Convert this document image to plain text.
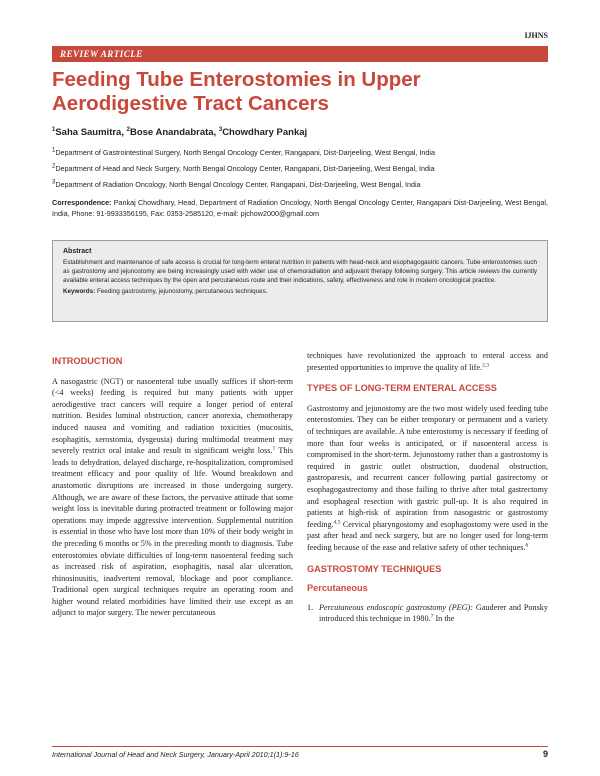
IJHNS
REVIEW ARTICLE
Feeding Tube Enterostomies in Upper Aerodigestive Tract Cancers
$^1$Saha Saumitra, $^2$Bose Anandabrata, $^3$Chowdhary Pankaj
$^1$Department of Gastrointestinal Surgery, North Bengal Oncology Center, Rangapani, Dist-Darjeeling, West Bengal, India
$^2$Department of Head and Neck Surgery, North Bengal Oncology Center, Rangapani, Dist-Darjeeling, West Bengal, India
$^3$Department of Radiation Oncology, North Bengal Oncology Center, Rangapani, Dist-Darjeeling, West Bengal, India
Correspondence: Pankaj Chowdhary, Head, Department of Radiation Oncology, North Bengal Oncology Center, Rangapani Dist-Darjeeling, West Bengal, India, Phone: 91-9933356195, Fax: 0353-2585120, e-mail: pjchow2000@gmail.com
Abstract
Establishment and maintenance of safe access is crucial for long-term enteral nutrition in patients with head-neck and esophagogastric cancers. Tube enterostomies such as gastrostomy and jejunostomy are being increasingly used with wider use of chemoradiation and adjuvant therapy following surgery. This article reviews the currently available enteral access techniques by the open and percutaneous route and their indications, safety, effectiveness and role in modern oncological practice.
Keywords: Feeding gastrostomy, jejunostomy, percutaneous techniques.
INTRODUCTION

A nasogastric (NGT) or nasoenteral tube usually suffices if short-term (<4 weeks) feeding is required but many patients with upper aerodigestive tract cancers will require a longer period of enteral nutrition. Besides luminal obstruction, cancer anorexia, chemotherapy induced nausea and vomiting and radiation toxicities (mucositis, esophagitis, xerostomia, dysgeusia) during multimodal treatment may severely restrict oral intake and result in significant weight loss.$^1$ This leads to dehydration, delayed discharge, re-hospitalization, compromised treatment efficacy and poor quality of life. Wound breakdown and anastomotic disruptions are increased in those undergoing surgery. Although, we are aware of these factors, the pervasive attitude that some weight loss is inevitable during protracted treatment or following major operations may impede aggressive intervention. Supplemental nutrition is essential in those who have lost more than 10% of their body weight in the preceding 6 months or 5% in the preceding month to diagnosis. Tube enterostomies obviate difficulties of long-term nasoenteral feeding such as increased risk of aspiration, esophagitis, nasal alar ulceration, rhinosinusitis, inadvertent removal, blockage and poor compliance. Traditional open surgical techniques require an operating room and higher wound related morbidities have limited their use except as an adjunct to major surgery. The newer percutaneous

techniques have revolutionized the approach to enteral access and presented opportunities to improve the quality of life.$^{2,3}$

TYPES OF LONG-TERM ENTERAL ACCESS

Gastrostomy and jejunostomy are the two most widely used feeding tube enterostomies. They can be either temporary or permanent and a variety of techniques are available. A tube enterostomy is necessary if feeding of more than four weeks is anticipated, or if nasoenteral access is compromised in the short-term. Jejunostomy rather than a gastrostomy is required in gastric outlet obstruction, duodenal obstruction, gastroparesis, and recurrent cancer following partial gastrectomy or esophagogastrectomy and those failing to thrive after total gastrectomy and esophageal resection with gastric pull-up. It is also required in patients at high-risk of aspiration from nasogastric or gastrostomy feeding.$^{4,5}$ Cervical pharyngostomy and esophagostomy were used in the past after head and neck surgery, but are no longer used for long-term feeding because of the ease and relative safety of other techniques.$^6$

GASTROSTOMY TECHNIQUES
Percutaneous
1. Percutaneous endoscopic gastrostomy (PEG): Gauderer and Ponsky introduced this technique in 1980.$^7$ In the
International Journal of Head and Neck Surgery, January-April 2010;1(1):9-16	9
